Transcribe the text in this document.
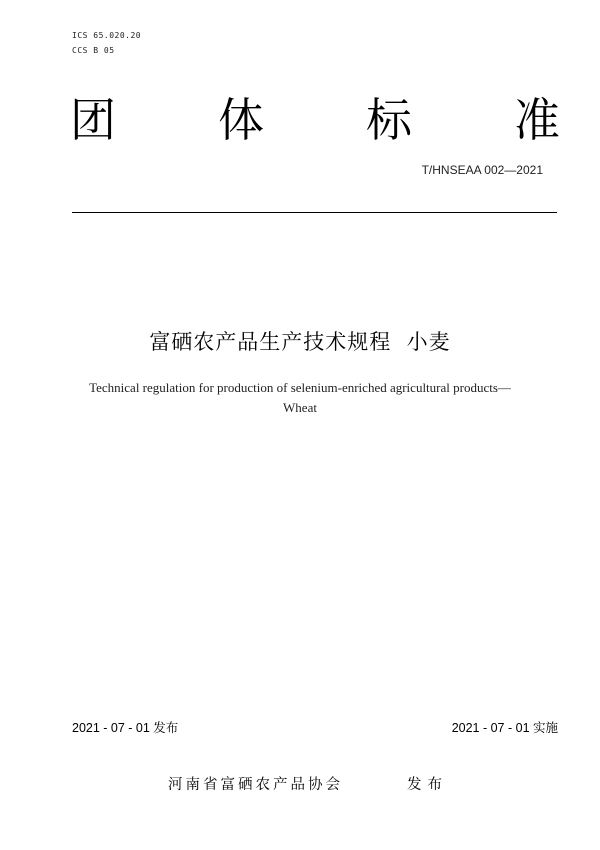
ICS 65.020.20
CCS B 05
团 体 标 准
T/HNSEAA 002—2021
富硒农产品生产技术规程  小麦
Technical regulation for production of selenium-enriched agricultural products—
Wheat
2021 - 07 - 01 发布	2021 - 07 - 01 实施
河南省富硒农产品协会	发布
